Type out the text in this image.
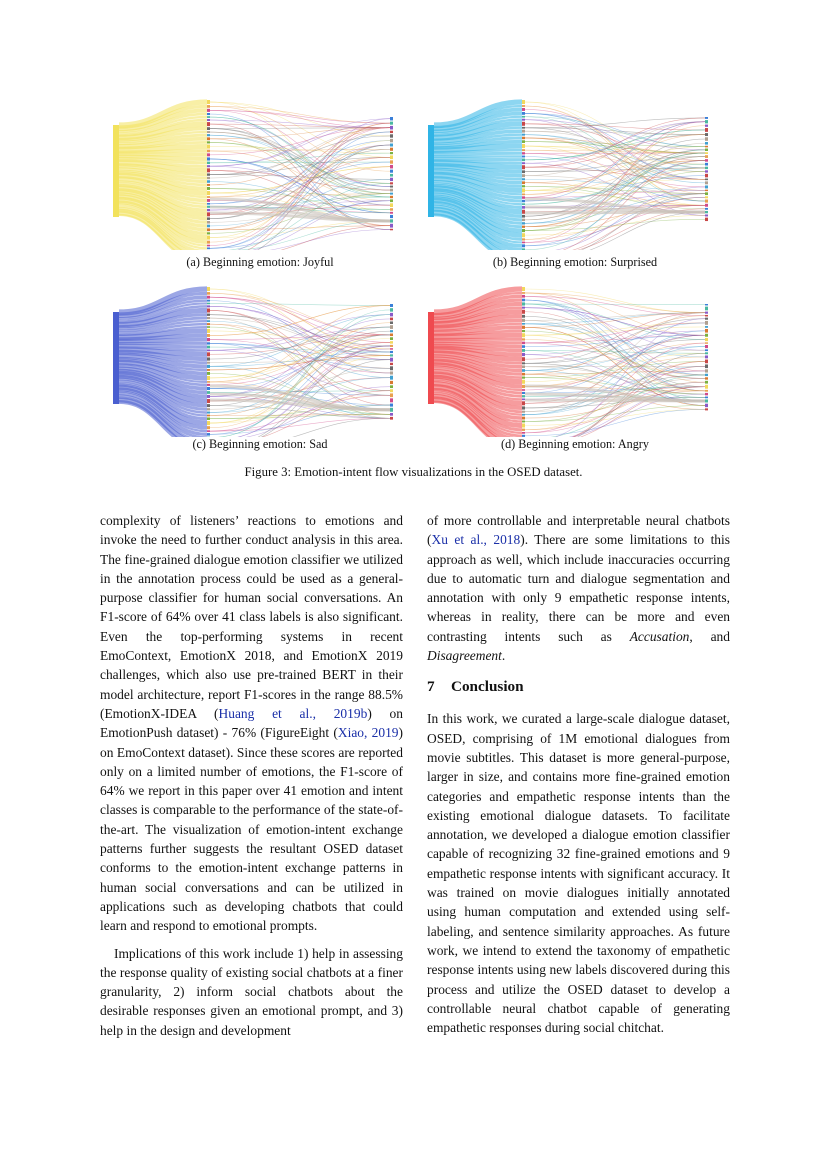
(a) Beginning emotion: Joyful	(b) Beginning emotion: Surprised
(c) Beginning emotion: Sad	(d) Beginning emotion: Angry
Figure 3: Emotion-intent flow visualizations in the OSED dataset.

complexity of listeners’ reactions to emotions and invoke the need to further conduct analysis in this area. The fine-grained dialogue emotion classifier we utilized in the annotation process could be used as a general-purpose classifier for human social conversations. An F1-score of 64% over 41 class labels is also significant. Even the top-performing systems in recent EmoContext, EmotionX 2018, and EmotionX 2019 challenges, which also use pre-trained BERT in their model architecture, report F1-scores in the range 88.5% (EmotionX-IDEA (Huang et al., 2019b) on EmotionPush dataset) - 76% (FigureEight (Xiao, 2019) on EmoContext dataset). Since these scores are reported only on a limited number of emotions, the F1-score of 64% we report in this paper over 41 emotion and intent classes is comparable to the performance of the state-of-the-art. The visualization of emotion-intent exchange patterns further suggests the resultant OSED dataset conforms to the emotion-intent exchange patterns in human social conversations and can be utilized in applications such as developing chatbots that could learn and respond to emotional prompts.

Implications of this work include 1) help in assessing the response quality of existing social chatbots at a finer granularity, 2) inform social chatbots about the desirable responses given an emotional prompt, and 3) help in the design and development

of more controllable and interpretable neural chatbots (Xu et al., 2018). There are some limitations to this approach as well, which include inaccuracies occurring due to automatic turn and dialogue segmentation and annotation with only 9 empathetic response intents, whereas in reality, there can be more and even contrasting intents such as Accusation, and Disagreement.

7 Conclusion

In this work, we curated a large-scale dialogue dataset, OSED, comprising of 1M emotional dialogues from movie subtitles. This dataset is more general-purpose, larger in size, and contains more fine-grained emotion categories and empathetic response intents than the existing emotional dialogue datasets. To facilitate annotation, we developed a dialogue emotion classifier capable of recognizing 32 fine-grained emotions and 9 empathetic response intents with significant accuracy. It was trained on movie dialogues initially annotated using human computation and extended using self-labeling, and sentence similarity approaches. As future work, we intend to extend the taxonomy of empathetic response intents using new labels discovered during this process and utilize the OSED dataset to develop a controllable neural chatbot capable of generating empathetic responses during social chitchat.
